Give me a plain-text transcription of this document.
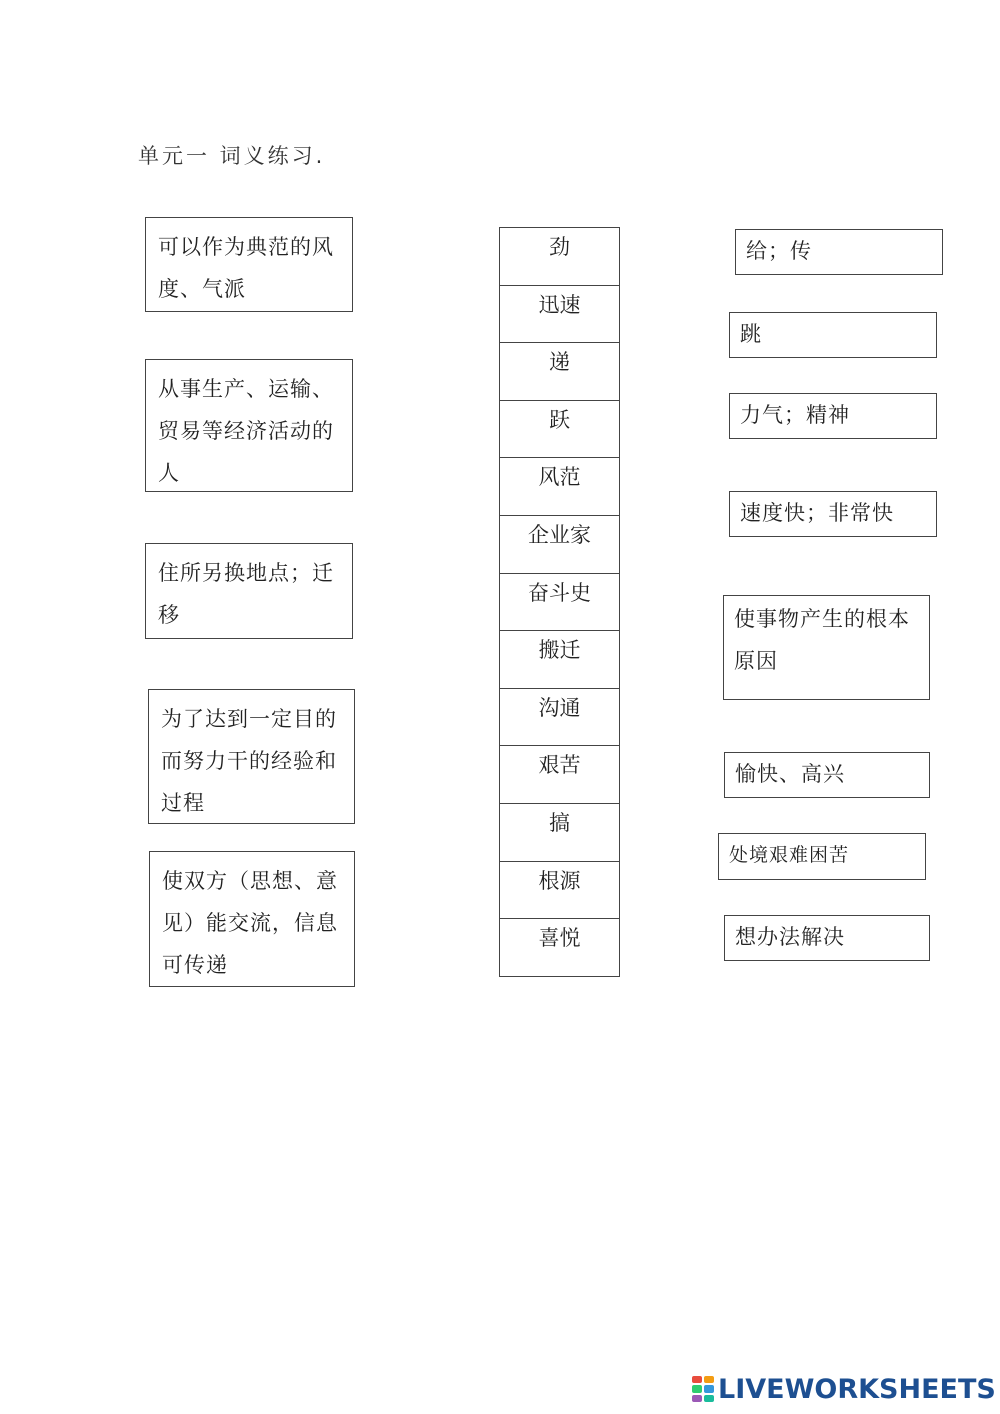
单元一 词义练习.
可以作为典范的风度、气派
从事生产、运输、贸易等经济活动的人
住所另换地点；迁移
为了达到一定目的而努力干的经验和过程
使双方（思想、意见）能交流，信息可传递
劲
迅速
递
跃
风范
企业家
奋斗史
搬迁
沟通
艰苦
搞
根源
喜悦
给；传
跳
力气；精神
速度快；非常快
使事物产生的根本原因
愉快、高兴
处境艰难困苦
想办法解决
LIVEWORKSHEETS
